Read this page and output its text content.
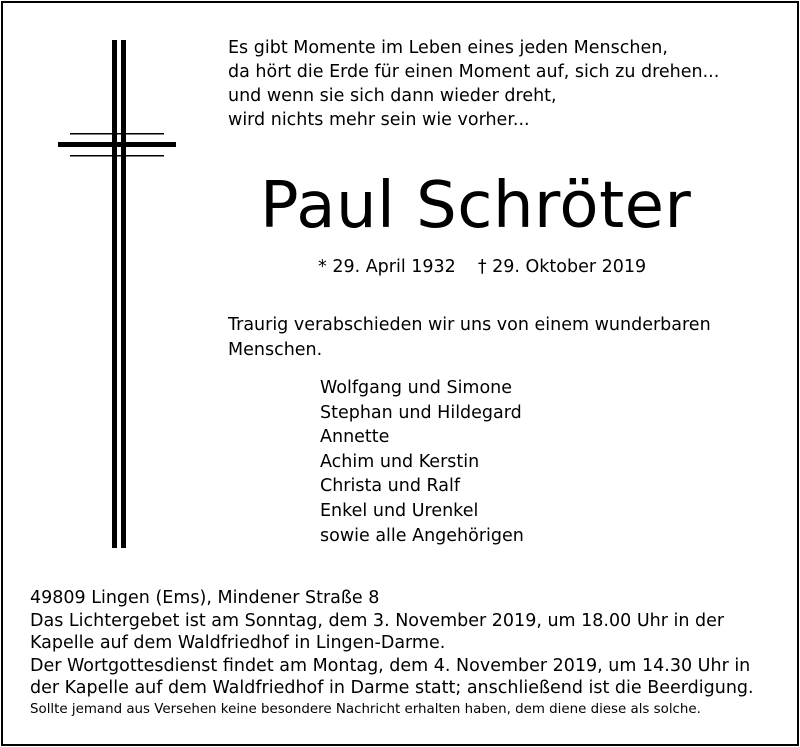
Es gibt Momente im Leben eines jeden Menschen,
da hört die Erde für einen Moment auf, sich zu drehen...
und wenn sie sich dann wieder dreht,
wird nichts mehr sein wie vorher...
Paul Schröter
* 29. April 1932 † 29. Oktober 2019
Traurig verabschieden wir uns von einem wunderbaren Menschen.
Wolfgang und Simone
Stephan und Hildegard
Annette
Achim und Kerstin
Christa und Ralf
Enkel und Urenkel
sowie alle Angehörigen
49809 Lingen (Ems), Mindener Straße 8
Das Lichtergebet ist am Sonntag, dem 3. November 2019, um 18.00 Uhr in der Kapelle auf dem Waldfriedhof in Lingen-Darme.
Der Wortgottesdienst findet am Montag, dem 4. November 2019, um 14.30 Uhr in der Kapelle auf dem Waldfriedhof in Darme statt; anschließend ist die Beerdigung.
Sollte jemand aus Versehen keine besondere Nachricht erhalten haben, dem diene diese als solche.
